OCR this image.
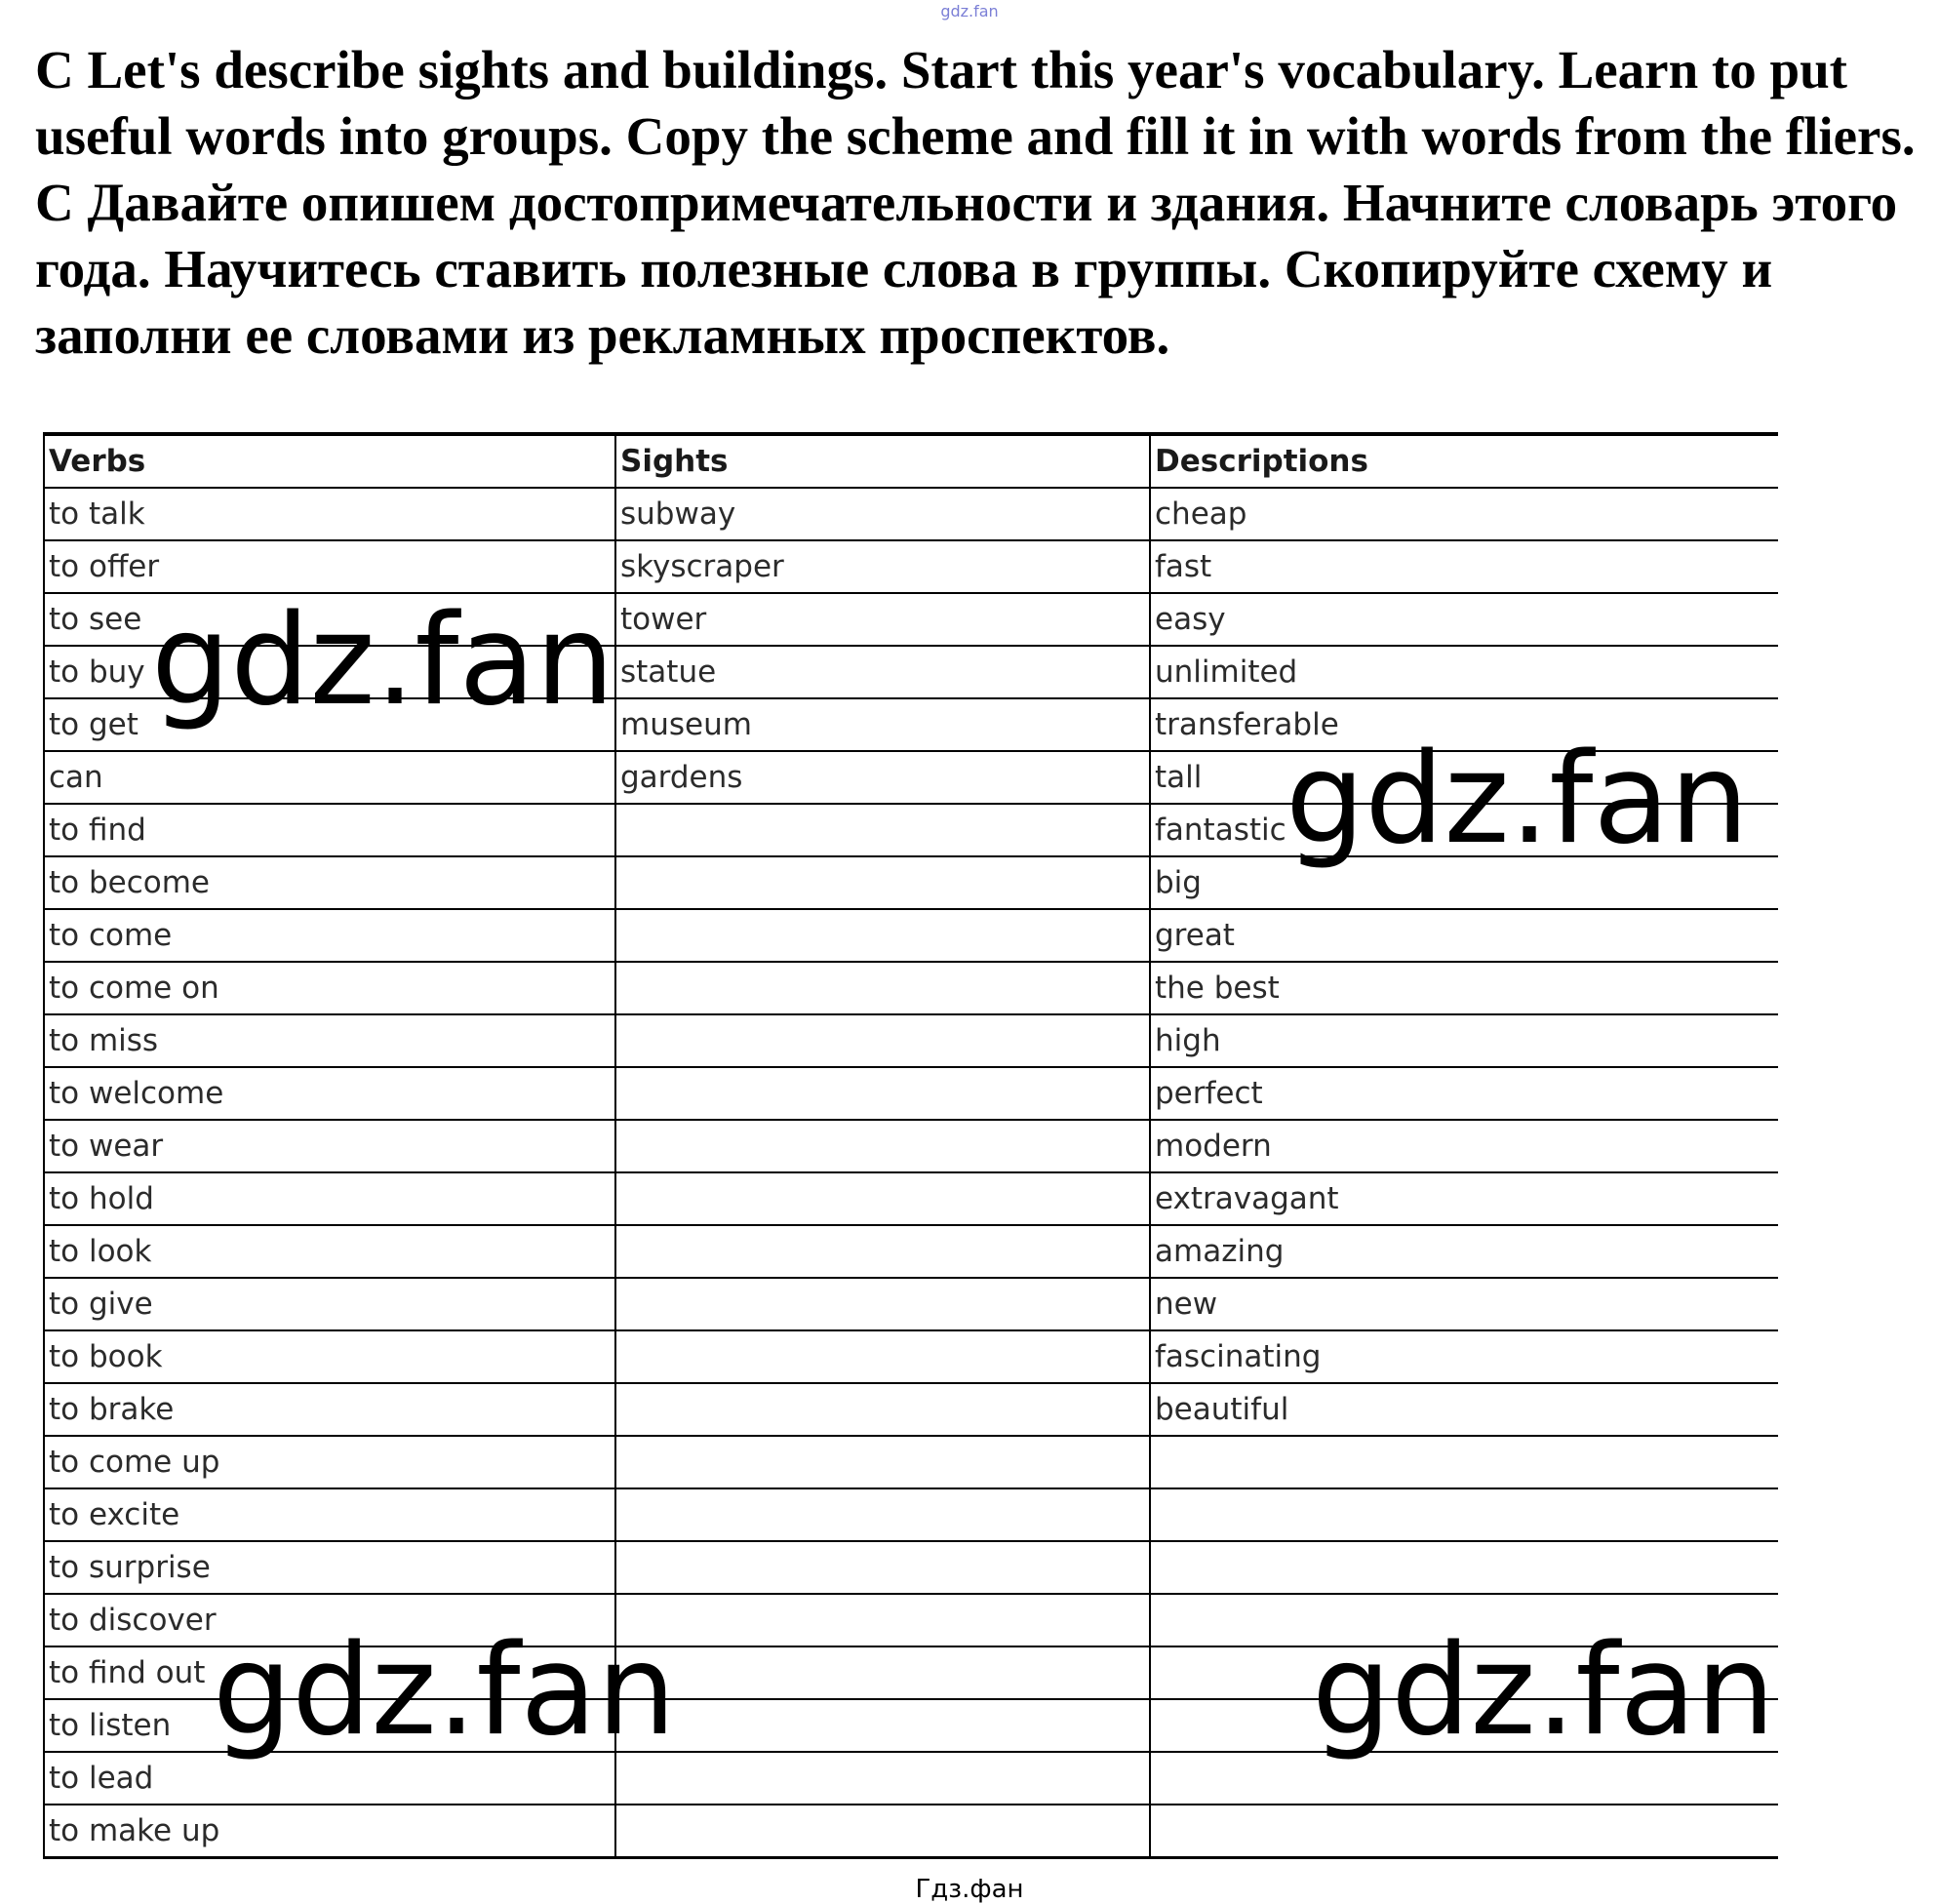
gdz.fan

C Let's describe sights and buildings. Start this year's vocabulary. Learn to put useful words into groups. Copy the scheme and fill it in with words from the fliers.

C Давайте опишем достопримечательности и здания. Начните словарь этого года. Научитесь ставить полезные слова в группы. Скопируйте схему и заполни ее словами из рекламных проспектов.

Verbs	Sights	Descriptions
to talk	subway	cheap
to offer	skyscraper	fast
to see	tower	easy
to buy	statue	unlimited
to get	museum	transferable
can	gardens	tall
to find		fantastic
to become		big
to come		great
to come on		the best
to miss		high
to welcome		perfect
to wear		modern
to hold		extravagant
to look		amazing
to give		new
to book		fascinating
to brake		beautiful
to come up		
to excite		
to surprise		
to discover		
to find out		
to listen		
to lead		
to make up		
gdz.fan
gdz.fan
gdz.fan	gdz.fan
Гдз.фан
